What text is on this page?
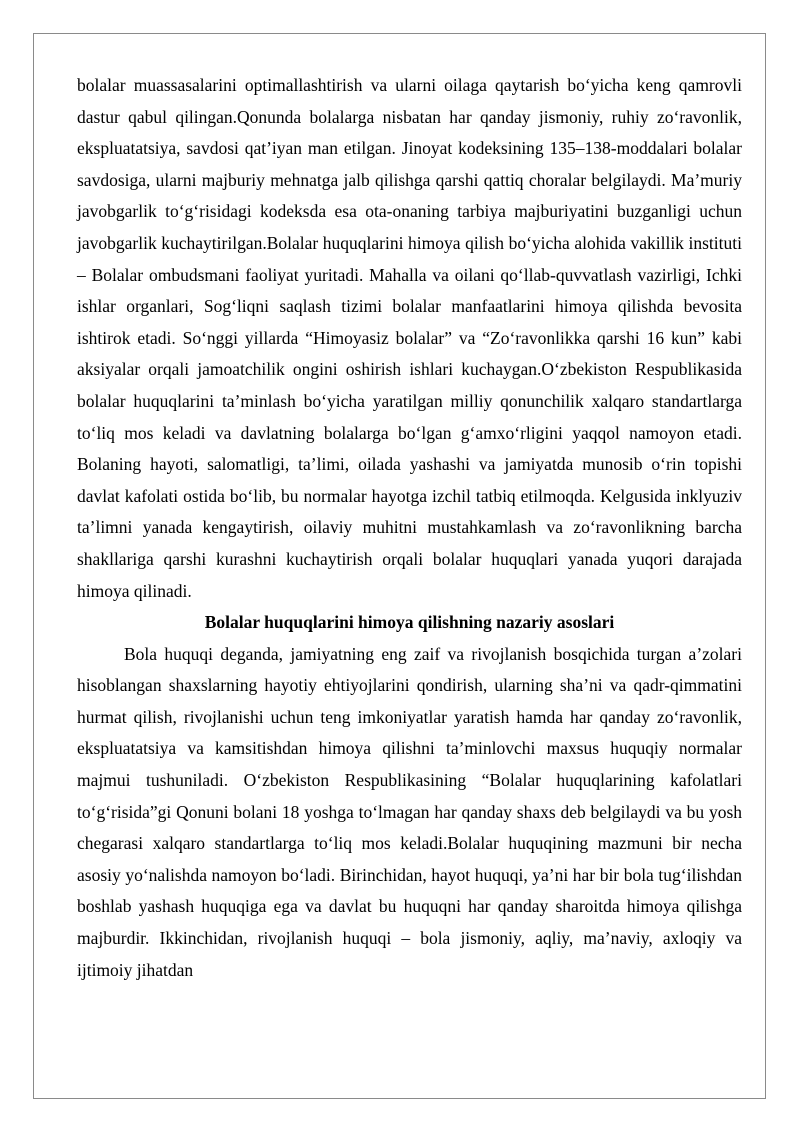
bolalar muassasalarini optimallashtirish va ularni oilaga qaytarish bo‘yicha keng qamrovli dastur qabul qilingan.Qonunda bolalarga nisbatan har qanday jismoniy, ruhiy zo‘ravonlik, ekspluatatsiya, savdosi qat’iyan man etilgan. Jinoyat kodeksining 135–138-moddalari bolalar savdosiga, ularni majburiy mehnatga jalb qilishga qarshi qattiq choralar belgilaydi. Ma’muriy javobgarlik to‘g‘risidagi kodeksda esa ota-onaning tarbiya majburiyatini buzganligi uchun javobgarlik kuchaytirilgan.Bolalar huquqlarini himoya qilish bo‘yicha alohida vakillik instituti – Bolalar ombudsmani faoliyat yuritadi. Mahalla va oilani qo‘llab-quvvatlash vazirligi, Ichki ishlar organlari, Sog‘liqni saqlash tizimi bolalar manfaatlarini himoya qilishda bevosita ishtirok etadi. So‘nggi yillarda “Himoyasiz bolalar” va “Zo‘ravonlikka qarshi 16 kun” kabi aksiyalar orqali jamoatchilik ongini oshirish ishlari kuchaygan.O‘zbekiston Respublikasida bolalar huquqlarini ta’minlash bo‘yicha yaratilgan milliy qonunchilik xalqaro standartlarga to‘liq mos keladi va davlatning bolalarga bo‘lgan g‘amxo‘rligini yaqqol namoyon etadi. Bolaning hayoti, salomatligi, ta’limi, oilada yashashi va jamiyatda munosib o‘rin topishi davlat kafolati ostida bo‘lib, bu normalar hayotga izchil tatbiq etilmoqda. Kelgusida inklyuziv ta’limni yanada kengaytirish, oilaviy muhitni mustahkamlash va zo‘ravonlikning barcha shakllariga qarshi kurashni kuchaytirish orqali bolalar huquqlari yanada yuqori darajada himoya qilinadi.

Bolalar huquqlarini himoya qilishning nazariy asoslari

Bola huquqi deganda, jamiyatning eng zaif va rivojlanish bosqichida turgan a’zolari hisoblangan shaxslarning hayotiy ehtiyojlarini qondirish, ularning sha’ni va qadr-qimmatini hurmat qilish, rivojlanishi uchun teng imkoniyatlar yaratish hamda har qanday zo‘ravonlik, ekspluatatsiya va kamsitishdan himoya qilishni ta’minlovchi maxsus huquqiy normalar majmui tushuniladi. O‘zbekiston Respublikasining “Bolalar huquqlarining kafolatlari to‘g‘risida”gi Qonuni bolani 18 yoshga to‘lmagan har qanday shaxs deb belgilaydi va bu yosh chegarasi xalqaro standartlarga to‘liq mos keladi.Bolalar huquqining mazmuni bir necha asosiy yo‘nalishda namoyon bo‘ladi. Birinchidan, hayot huquqi, ya’ni har bir bola tug‘ilishdan boshlab yashash huquqiga ega va davlat bu huquqni har qanday sharoitda himoya qilishga majburdir. Ikkinchidan, rivojlanish huquqi – bola jismoniy, aqliy, ma’naviy, axloqiy va ijtimoiy jihatdan
